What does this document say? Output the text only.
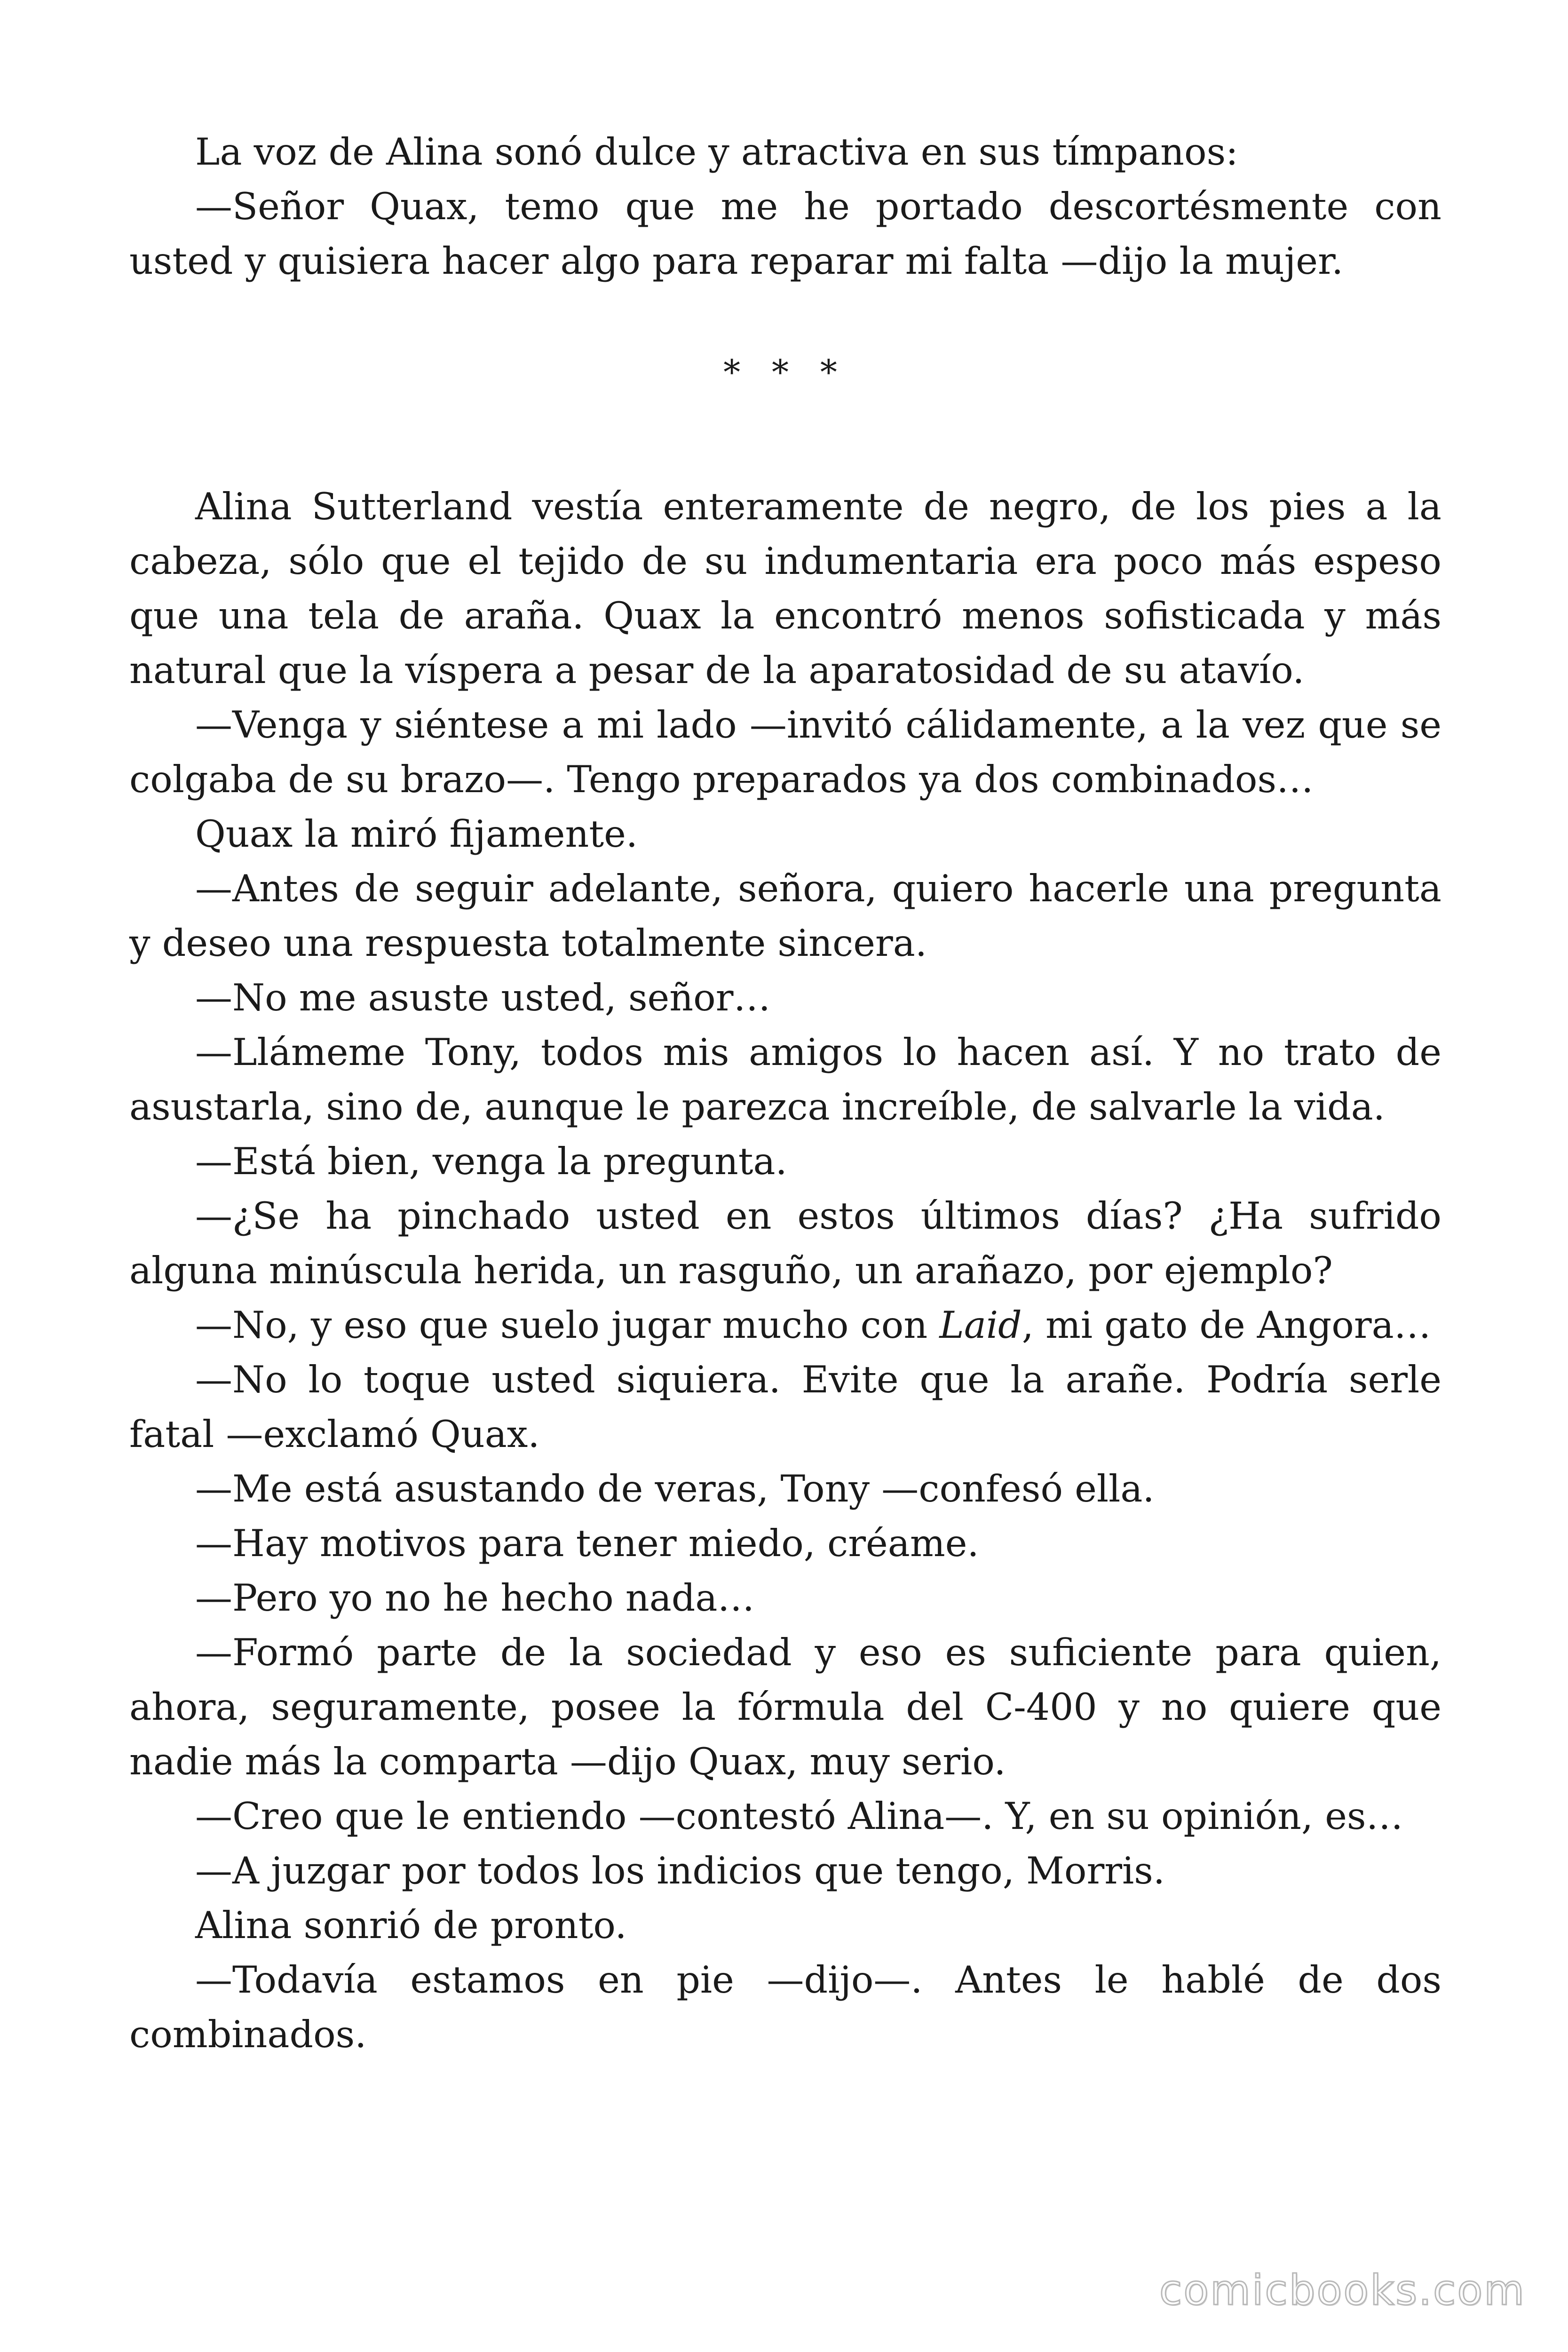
La voz de Alina sonó dulce y atractiva en sus tímpanos:

—Señor Quax, temo que me he portado descortésmente con usted y quisiera hacer algo para reparar mi falta —dijo la mujer.

* * *

Alina Sutterland vestía enteramente de negro, de los pies a la cabeza, sólo que el tejido de su indumentaria era poco más espeso que una tela de araña. Quax la encontró menos sofisticada y más natural que la víspera a pesar de la aparatosidad de su atavío.

—Venga y siéntese a mi lado —invitó cálidamente, a la vez que se colgaba de su brazo—. Tengo preparados ya dos combinados…

Quax la miró fijamente.

—Antes de seguir adelante, señora, quiero hacerle una pregunta y deseo una respuesta totalmente sincera.

—No me asuste usted, señor…

—Llámeme Tony, todos mis amigos lo hacen así. Y no trato de asustarla, sino de, aunque le parezca increíble, de salvarle la vida.

—Está bien, venga la pregunta.

—¿Se ha pinchado usted en estos últimos días? ¿Ha sufrido alguna minúscula herida, un rasguño, un arañazo, por ejemplo?

—No, y eso que suelo jugar mucho con Laid, mi gato de Angora…

—No lo toque usted siquiera. Evite que la arañe. Podría serle fatal —exclamó Quax.

—Me está asustando de veras, Tony —confesó ella.

—Hay motivos para tener miedo, créame.

—Pero yo no he hecho nada…

—Formó parte de la sociedad y eso es suficiente para quien, ahora, seguramente, posee la fórmula del C-400 y no quiere que nadie más la comparta —dijo Quax, muy serio.

—Creo que le entiendo —contestó Alina—. Y, en su opinión, es…

—A juzgar por todos los indicios que tengo, Morris.

Alina sonrió de pronto.

—Todavía estamos en pie —dijo—. Antes le hablé de dos combinados.

comicbooks.com
